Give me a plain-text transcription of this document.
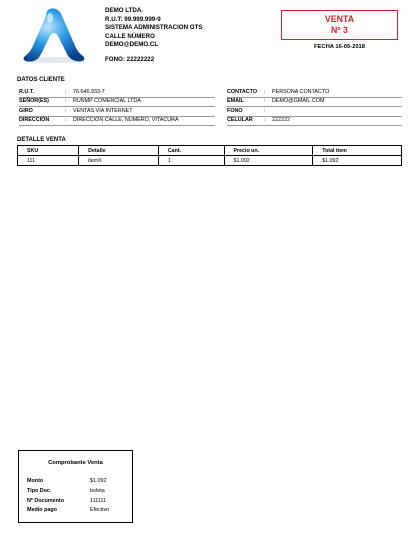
DEMO LTDA.
R.U.T: 99.999.999-9
SISTEMA ADMINISTRACION OTS
CALLE NÚMERO
DEMO@DEMO.CL
FONO: 22222222
VENTA
Nº 3
FECHA 16-05-2018
DATOS CLIENTE
R.U.T.	: 76.646.933-7
SEÑOR(ES)	: RUNMP COMERCIAL LTDA
GIRO	: VENTAS VÍA INTERNET
DIRECCIÓN	: DIRECCIÓN CALLE, NUMERO, VITACURA
CONTACTO : PERSONA CONTACTO
EMAIL	: DEMO@GMAIL.COM
FONO	:
CELULAR : 222222
DETALLE VENTA
SKU	Detalle	Cant.	Precio un.	Total item
111	itemX	1	$1.092	$1.092
Comprobante Venta
Monto	$1.092
Tipo Doc.	boleta
Nº Documento	111111
Medio pago	Efectivo
